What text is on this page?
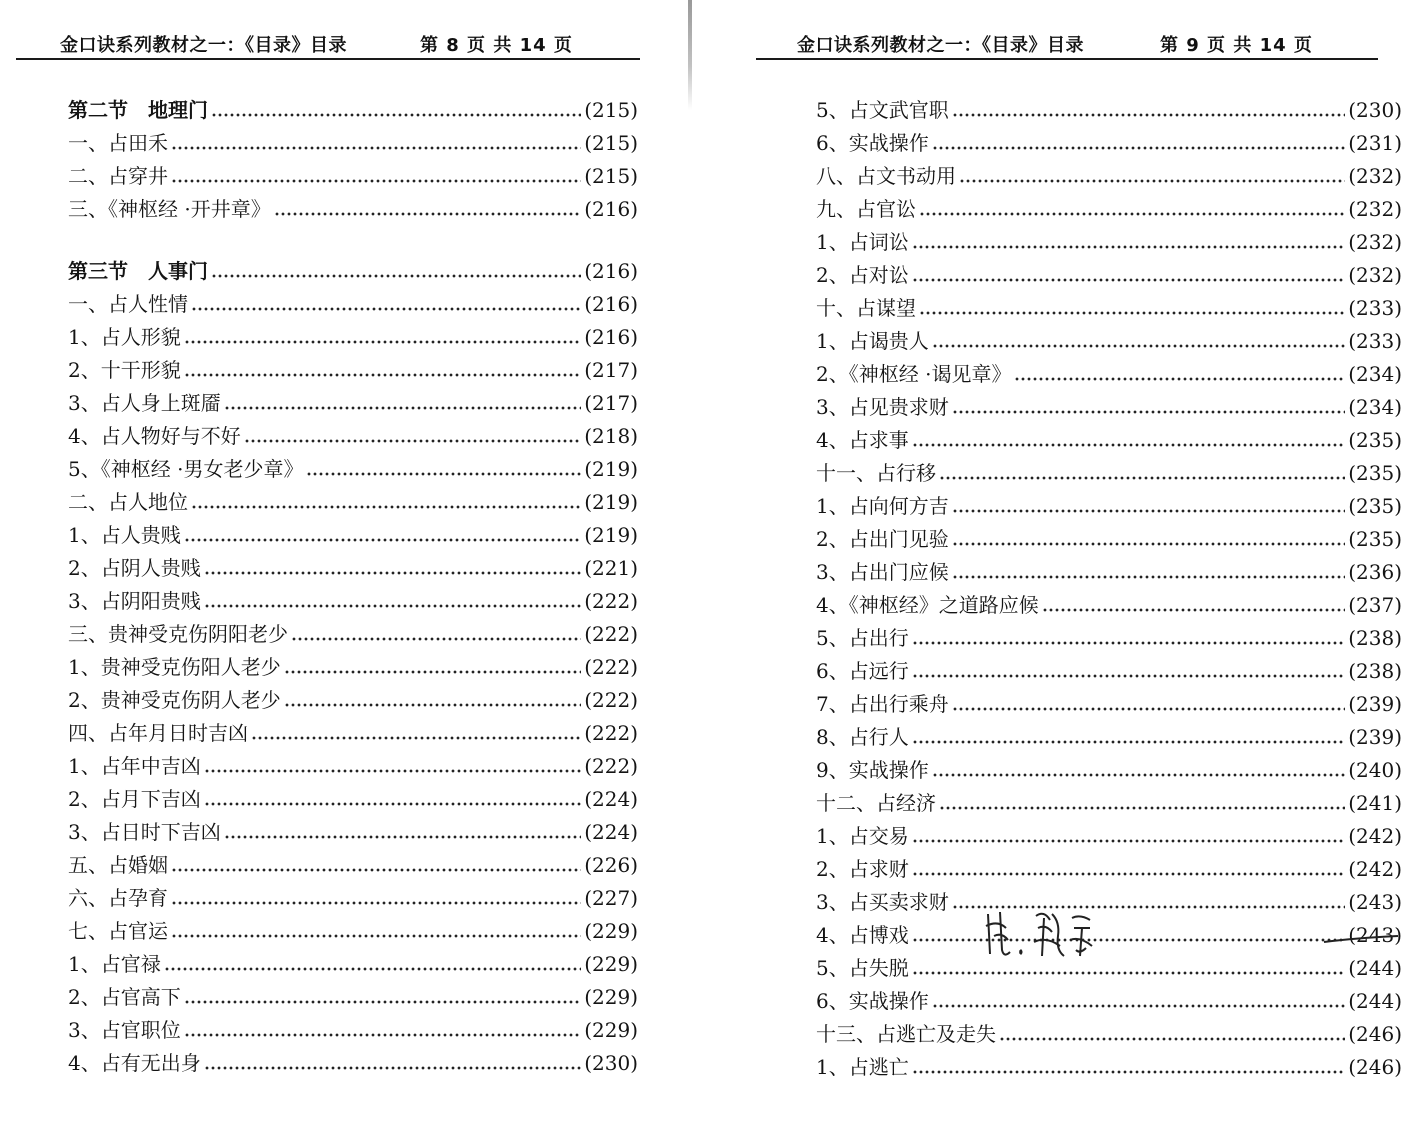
金口诀系列教材之一：《目录》目录	第 8 页 共 14 页
第二节　地理门	(215)
一、占田禾	(215)
二、占穿井	(215)
三、《神枢经 ·开井章》	(216)
第三节　人事门	(216)
一、占人性情	(216)
1、占人形貌	(216)
2、十干形貌	(217)
3、占人身上斑靥	(217)
4、占人物好与不好	(218)
5、《神枢经 ·男女老少章》	(219)
二、占人地位	(219)
1、占人贵贱	(219)
2、占阴人贵贱	(221)
3、占阴阳贵贱	(222)
三、贵神受克伤阴阳老少	(222)
1、贵神受克伤阳人老少	(222)
2、贵神受克伤阴人老少	(222)
四、占年月日时吉凶	(222)
1、占年中吉凶	(222)
2、占月下吉凶	(224)
3、占日时下吉凶	(224)
五、占婚姻	(226)
六、占孕育	(227)
七、占官运	(229)
1、占官禄	(229)
2、占官高下	(229)
3、占官职位	(229)
4、占有无出身	(230)
金口诀系列教材之一：《目录》目录	第 9 页 共 14 页
5、占文武官职	(230)
6、实战操作	(231)
八、占文书动用	(232)
九、占官讼	(232)
1、占词讼	(232)
2、占对讼	(232)
十、占谋望	(233)
1、占谒贵人	(233)
2、《神枢经 ·谒见章》	(234)
3、占见贵求财	(234)
4、占求事	(235)
十一、占行移	(235)
1、占向何方吉	(235)
2、占出门见验	(235)
3、占出门应候	(236)
4、《神枢经》之道路应候	(237)
5、占出行	(238)
6、占远行	(238)
7、占出行乘舟	(239)
8、占行人	(239)
9、实战操作	(240)
十二、占经济	(241)
1、占交易	(242)
2、占求财	(242)
3、占买卖求财	(243)
4、占博戏	(243)
5、占失脱	(244)
6、实战操作	(244)
十三、占逃亡及走失	(246)
1、占逃亡	(246)
